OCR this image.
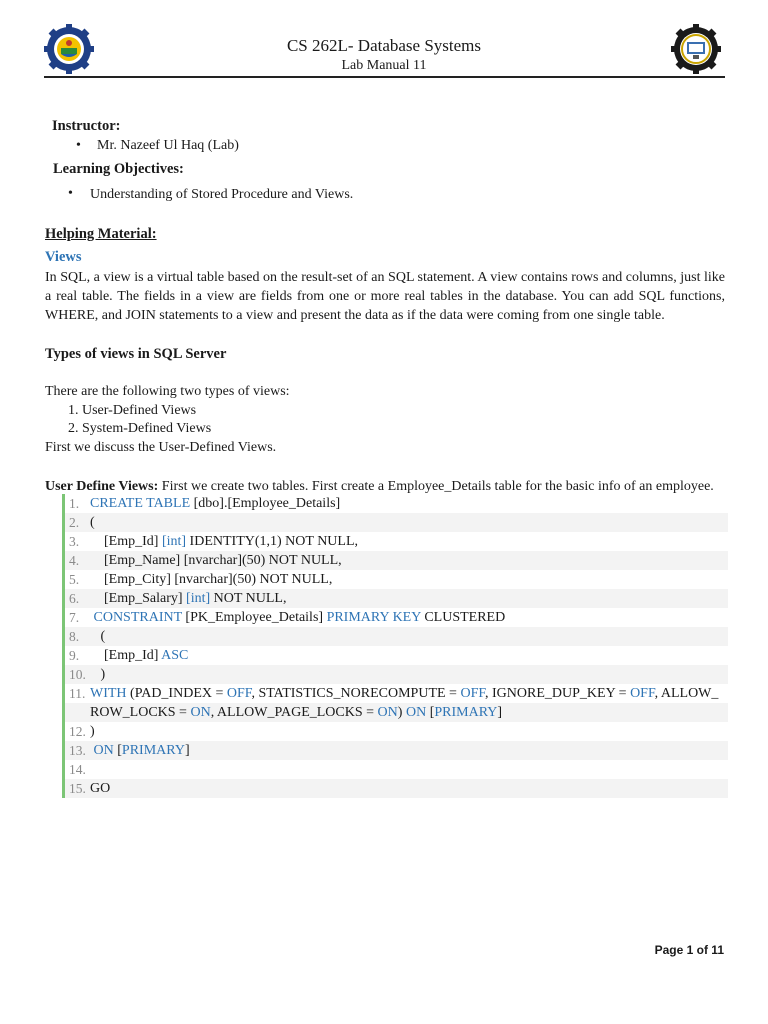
CS 262L- Database Systems
Lab Manual 11
Instructor:
• Mr. Nazeef Ul Haq (Lab)
Learning Objectives:
• Understanding of Stored Procedure and Views.
Helping Material:
Views
In SQL, a view is a virtual table based on the result-set of an SQL statement. A view contains rows and columns, just like a real table. The fields in a view are fields from one or more real tables in the database. You can add SQL functions, WHERE, and JOIN statements to a view and present the data as if the data were coming from one single table.
Types of views in SQL Server
There are the following two types of views:
1. User-Defined Views
2. System-Defined Views
First we discuss the User-Defined Views.
User Define Views: First we create two tables. First create a Employee_Details table for the basic info of an employee.
1. CREATE TABLE [dbo].[Employee_Details]
2. (
3. [Emp_Id] [int] IDENTITY(1,1) NOT NULL,
4. [Emp_Name] [nvarchar](50) NOT NULL,
5. [Emp_City] [nvarchar](50) NOT NULL,
6. [Emp_Salary] [int] NOT NULL,
7. CONSTRAINT [PK_Employee_Details] PRIMARY KEY CLUSTERED
8. (
9. [Emp_Id] ASC
10. )
11. WITH (PAD_INDEX = OFF, STATISTICS_NORECOMPUTE = OFF, IGNORE_DUP_KEY = OFF, ALLOW_
ROW_LOCKS = ON, ALLOW_PAGE_LOCKS = ON) ON [PRIMARY]
12. )
13. ON [PRIMARY]
14.
15. GO
Page 1 of 11
